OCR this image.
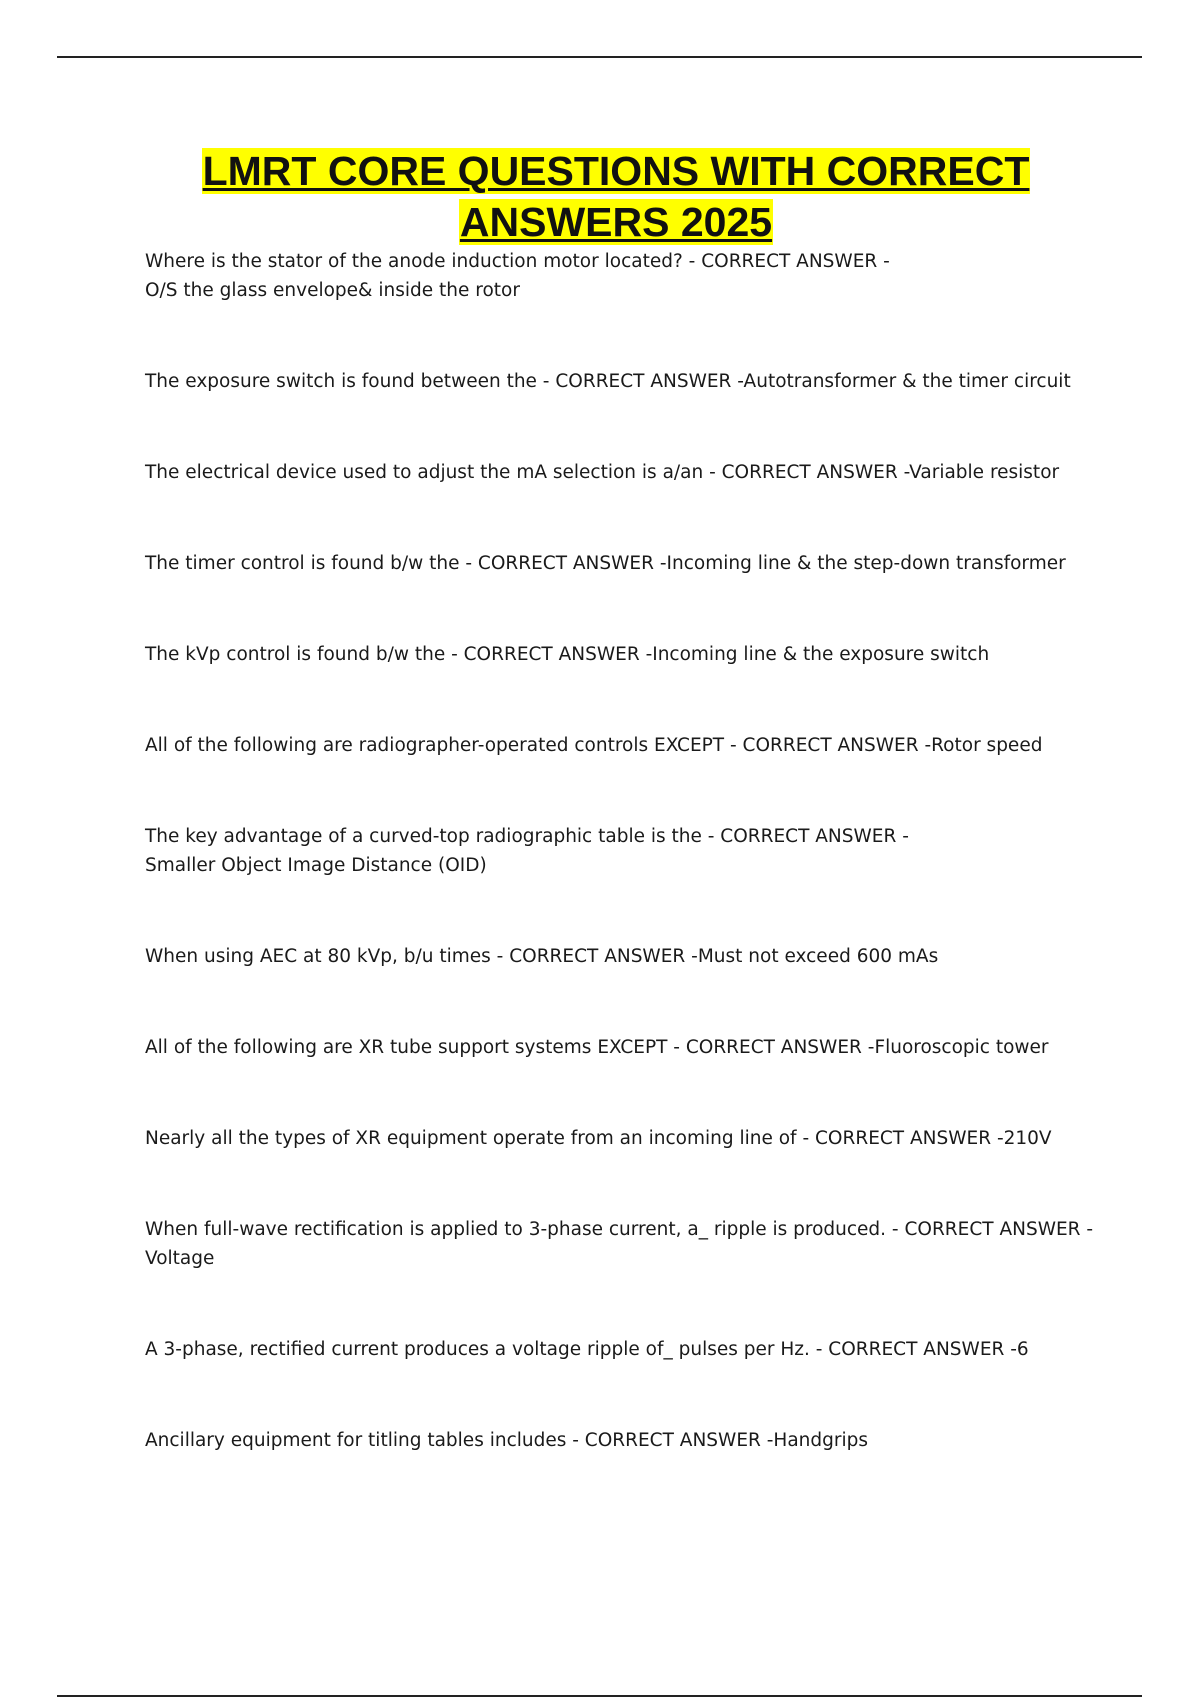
LMRT CORE QUESTIONS WITH CORRECT
ANSWERS 2025

Where is the stator of the anode induction motor located? - CORRECT ANSWER -
O/S the glass envelope& inside the rotor

The exposure switch is found between the - CORRECT ANSWER -Autotransformer & the timer circuit

The electrical device used to adjust the mA selection is a/an - CORRECT ANSWER -Variable resistor

The timer control is found b/w the - CORRECT ANSWER -Incoming line & the step-down transformer

The kVp control is found b/w the - CORRECT ANSWER -Incoming line & the exposure switch

All of the following are radiographer-operated controls EXCEPT - CORRECT ANSWER -Rotor speed

The key advantage of a curved-top radiographic table is the - CORRECT ANSWER -
Smaller Object Image Distance (OID)

When using AEC at 80 kVp, b/u times - CORRECT ANSWER -Must not exceed 600 mAs

All of the following are XR tube support systems EXCEPT - CORRECT ANSWER -Fluoroscopic tower

Nearly all the types of XR equipment operate from an incoming line of - CORRECT ANSWER -210V

When full-wave rectification is applied to 3-phase current, a_ ripple is produced. - CORRECT ANSWER -
Voltage

A 3-phase, rectified current produces a voltage ripple of_ pulses per Hz. - CORRECT ANSWER -6

Ancillary equipment for titling tables includes - CORRECT ANSWER -Handgrips
